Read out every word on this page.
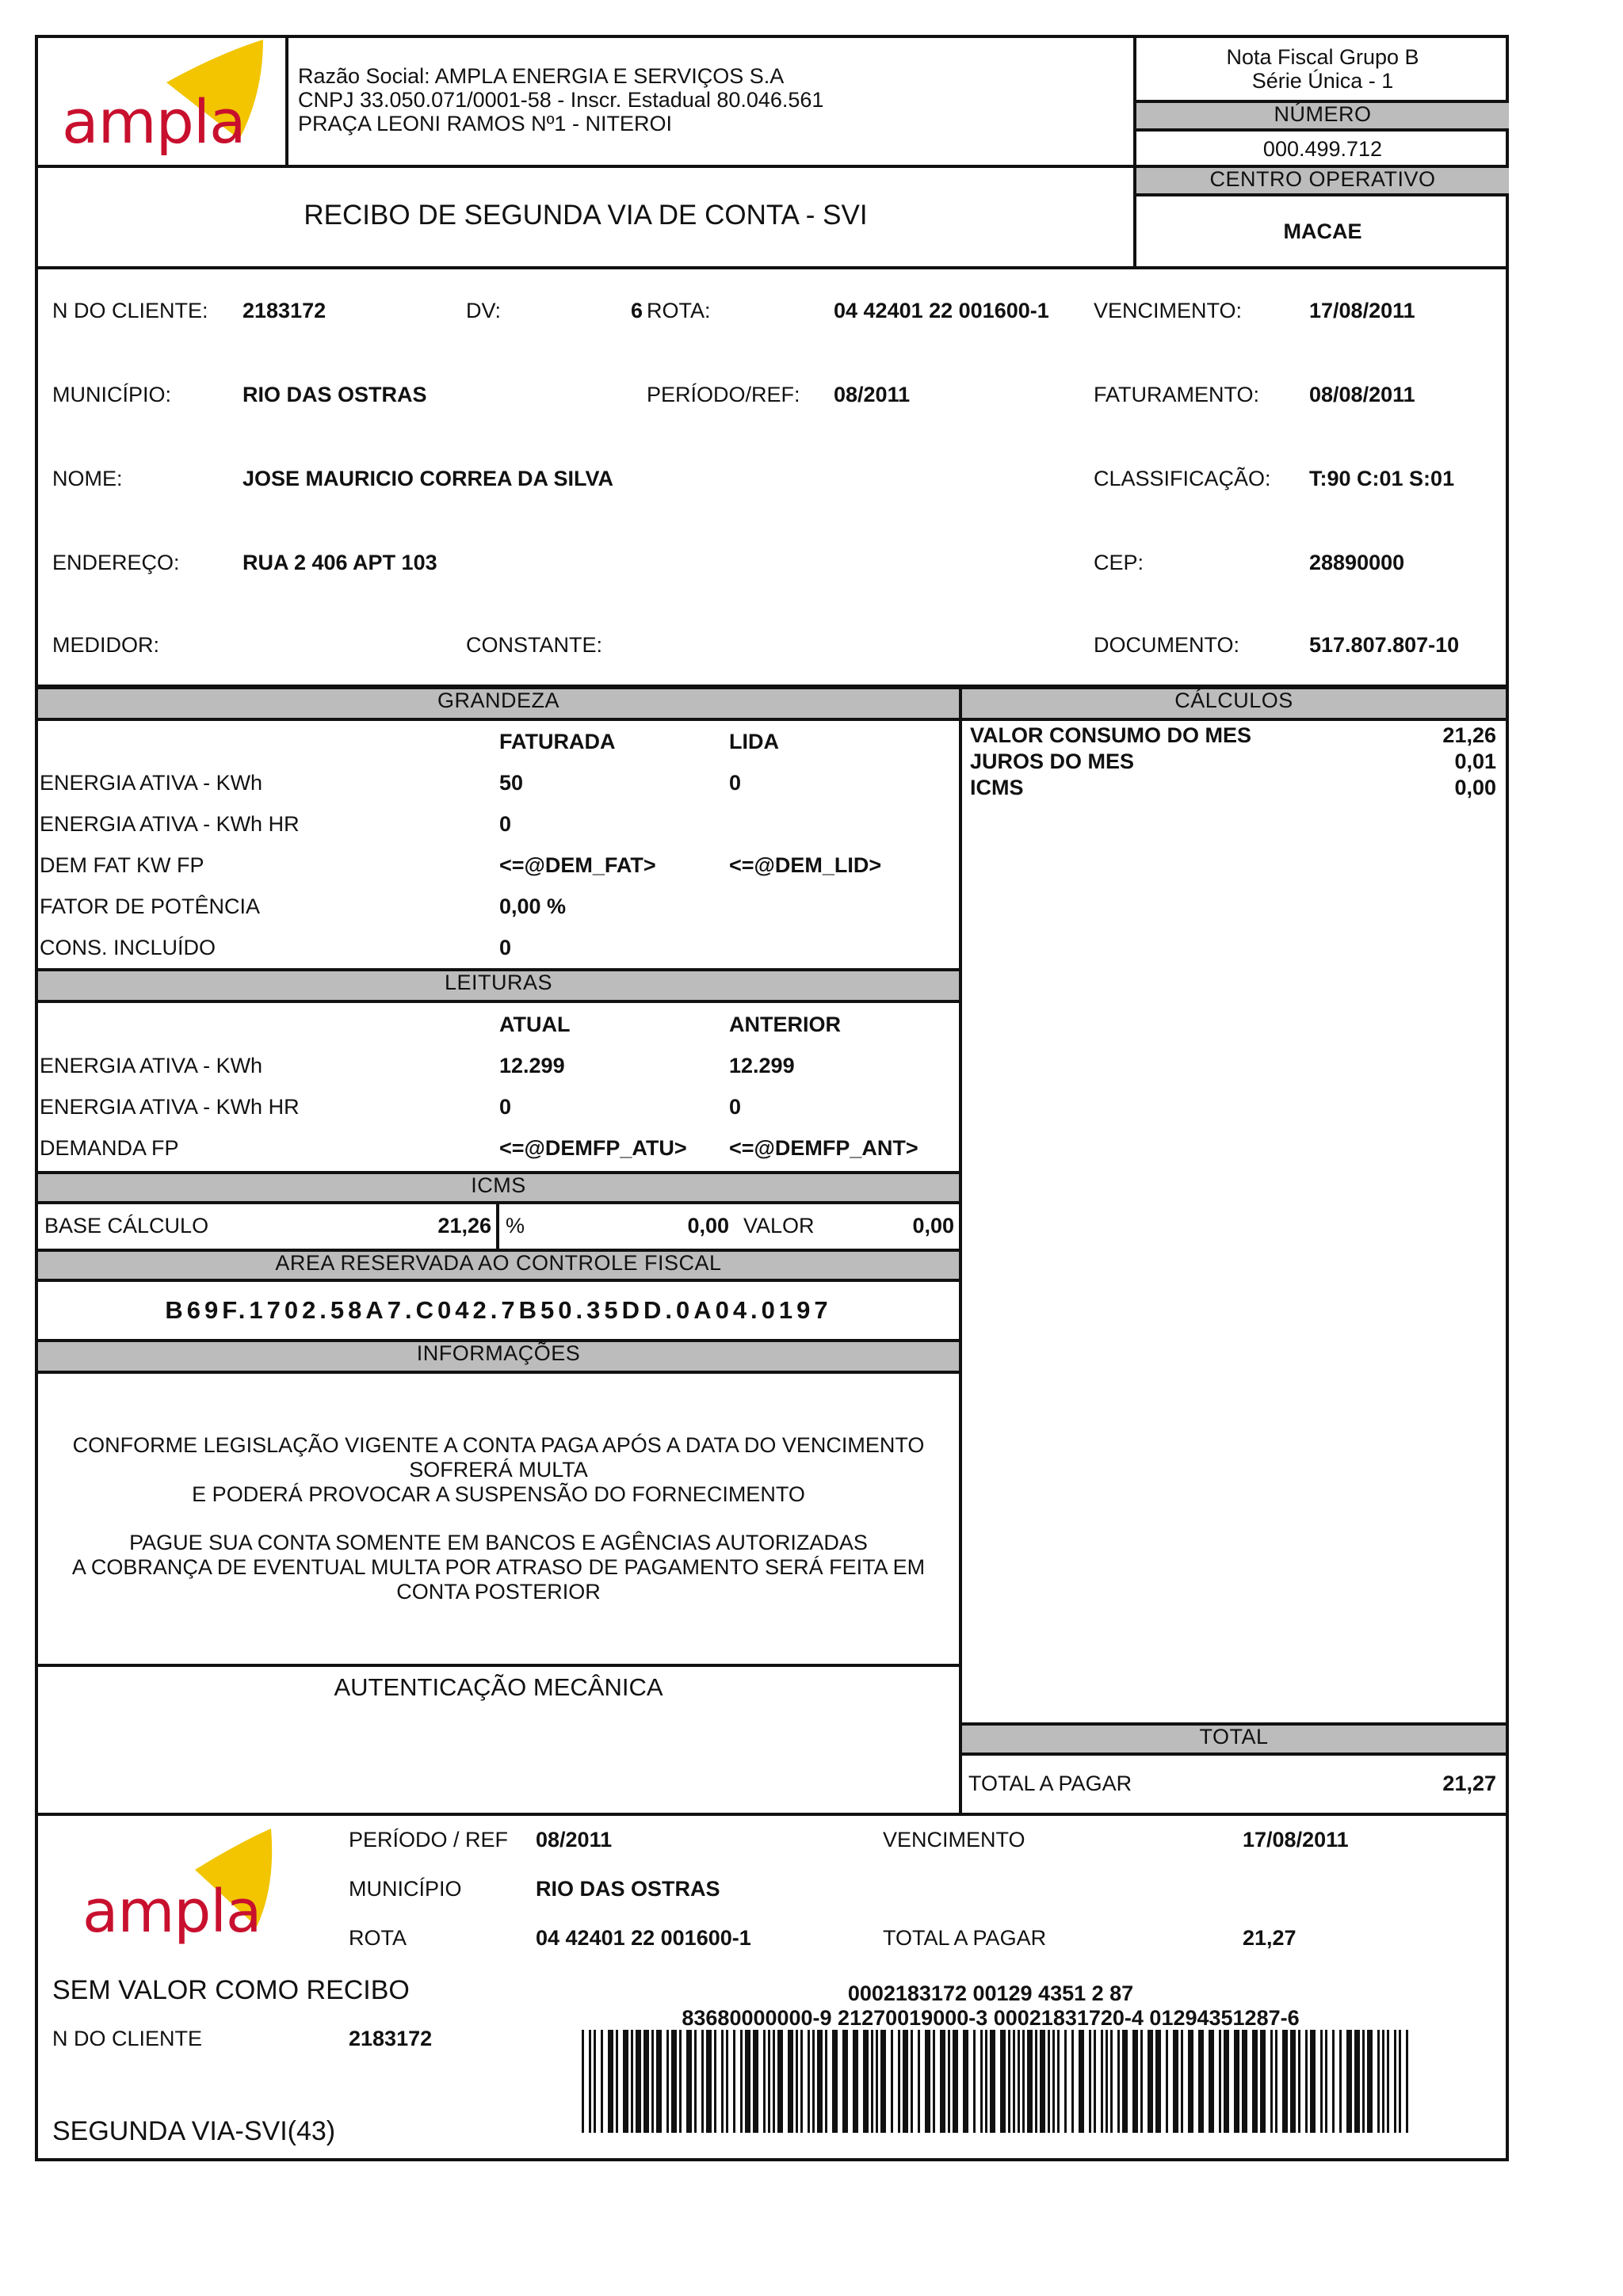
ampla
Razão Social: AMPLA ENERGIA E SERVIÇOS S.A
CNPJ 33.050.071/0001-58 - Inscr. Estadual 80.046.561
PRAÇA LEONI RAMOS Nº1 - NITEROI
Nota Fiscal Grupo B
Série Única - 1
NÚMERO
000.499.712
CENTRO OPERATIVO
MACAE
RECIBO DE SEGUNDA VIA DE CONTA - SVI
N DO CLIENTE: 2183172	DV:	6 ROTA:	04 42401 22 001600-1 VENCIMENTO:	17/08/2011
MUNICÍPIO:	RIO DAS OSTRAS	PERÍODO/REF: 08/2011	FATURAMENTO: 08/08/2011
NOME:	JOSE MAURICIO CORREA DA SILVA	CLASSIFICAÇÃO: T:90 C:01 S:01
ENDEREÇO:	RUA 2 406 APT 103	CEP:	28890000
MEDIDOR:	CONSTANTE:	DOCUMENTO:	517.807.807-10
GRANDEZA
FATURADA	LIDA
ENERGIA ATIVA - KWh	50	0
ENERGIA ATIVA - KWh HR	0
DEM FAT KW FP	<=@DEM_FAT>	<=@DEM_LID>
FATOR DE POTÊNCIA	0,00 %
CONS. INCLUÍDO	0
LEITURAS
ATUAL	ANTERIOR
ENERGIA ATIVA - KWh	12.299	12.299
ENERGIA ATIVA - KWh HR	0	0
DEMANDA FP	<=@DEMFP_ATU> <=@DEMFP_ANT>
ICMS
BASE CÁLCULO	21,26 %	0,00 VALOR	0,00
AREA RESERVADA AO CONTROLE FISCAL
B69F.1702.58A7.C042.7B50.35DD.0A04.0197
INFORMAÇÕES
CONFORME LEGISLAÇÃO VIGENTE A CONTA PAGA APÓS A DATA DO VENCIMENTO
SOFRERÁ MULTA
E PODERÁ PROVOCAR A SUSPENSÃO DO FORNECIMENTO
PAGUE SUA CONTA SOMENTE EM BANCOS E AGÊNCIAS AUTORIZADAS
A COBRANÇA DE EVENTUAL MULTA POR ATRASO DE PAGAMENTO SERÁ FEITA EM
CONTA POSTERIOR
AUTENTICAÇÃO MECÂNICA
CÁLCULOS
VALOR CONSUMO DO MES	21,26
JUROS DO MES	0,01
ICMS	0,00
TOTAL
TOTAL A PAGAR	21,27
ampla
PERÍODO / REF 08/2011	VENCIMENTO	17/08/2011
MUNICÍPIO	RIO DAS OSTRAS
ROTA	04 42401 22 001600-1	TOTAL A PAGAR	21,27
SEM VALOR COMO RECIBO
N DO CLIENTE	2183172
SEGUNDA VIA-SVI(43)
0002183172 00129 4351 2 87
83680000000-9 21270019000-3 00021831720-4 01294351287-6
